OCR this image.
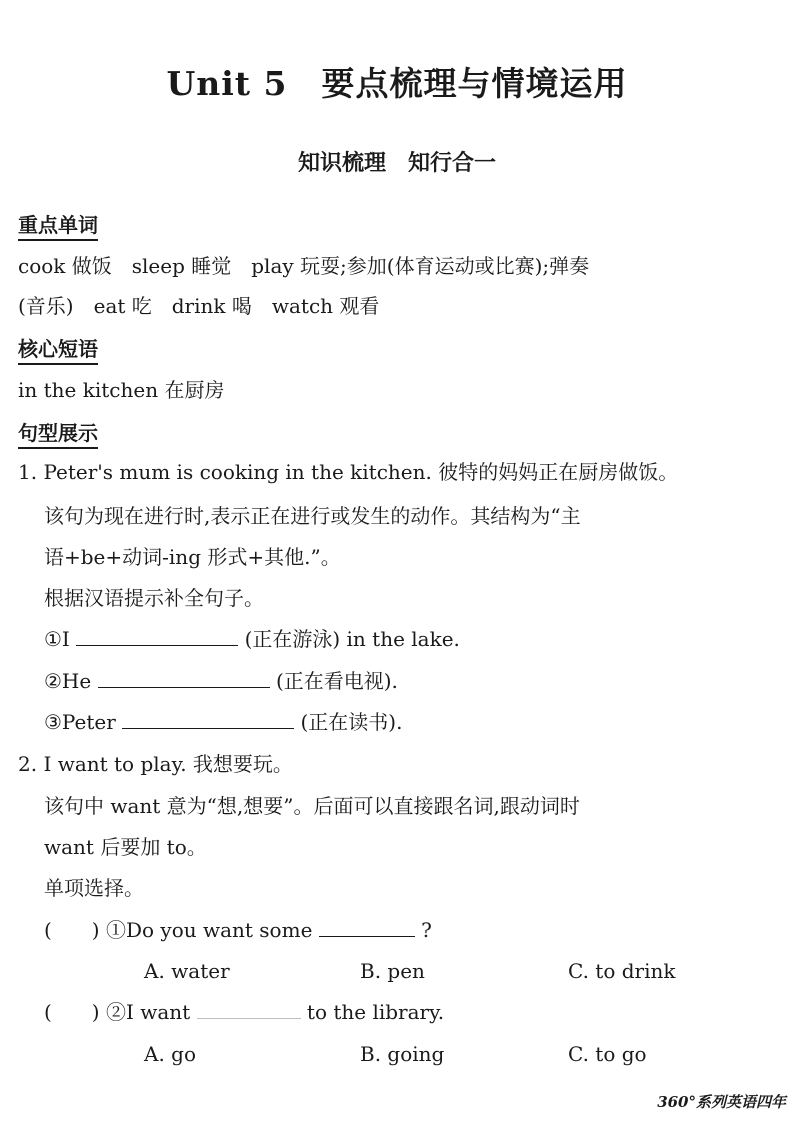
Unit 5　要点梳理与情境运用
知识梳理　知行合一
重点单词
cook 做饭　sleep 睡觉　play 玩耍;参加(体育运动或比赛);弹奏
(音乐)　eat 吃　drink 喝　watch 观看
核心短语
in the kitchen 在厨房
句型展示
1. Peter's mum is cooking in the kitchen. 彼特的妈妈正在厨房做饭。
该句为现在进行时,表示正在进行或发生的动作。其结构为“主
语+be+动词-ing 形式+其他.”。
根据汉语提示补全句子。
①I	(正在游泳) in the lake.
②He	(正在看电视).
③Peter	(正在读书).
2. I want to play. 我想要玩。
该句中 want 意为“想,想要”。后面可以直接跟名词,跟动词时
want 后要加 to。
单项选择。
(　　) ①Do you want some	?
A. water	B. pen	C. to drink
(　　) ②I want	to the library.
A. go	B. going	C. to go
360°系列英语四年
